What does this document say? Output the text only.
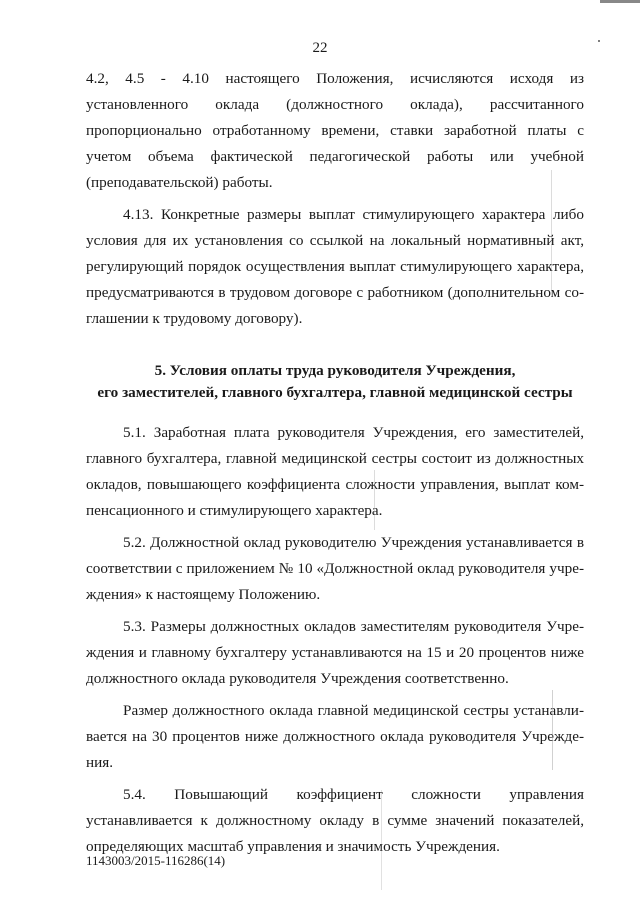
22

4.2, 4.5 - 4.10 настоящего Положения, исчисляются исходя из установленного оклада (должностного оклада), рассчитанного пропорционально отработанному времени, ставки заработной платы с учетом объема фактической педагогической работы или учебной (преподавательской) работы.

4.13. Конкретные размеры выплат стимулирующего характера либо условия для их установления со ссылкой на локальный нормативный акт, регулирующий порядок осуществления выплат стимулирующего характера, предусматриваются в трудовом договоре с работником (дополнительном соглашении к трудовому договору).

5. Условия оплаты труда руководителя Учреждения,
его заместителей, главного бухгалтера, главной медицинской сестры

5.1. Заработная плата руководителя Учреждения, его заместителей, главного бухгалтера, главной медицинской сестры состоит из должностных окладов, повышающего коэффициента сложности управления, выплат компенсационного и стимулирующего характера.

5.2. Должностной оклад руководителю Учреждения устанавливается в соответствии с приложением № 10 «Должностной оклад руководителя учреждения» к настоящему Положению.

5.3. Размеры должностных окладов заместителям руководителя Учреждения и главному бухгалтеру устанавливаются на 15 и 20 процентов ниже должностного оклада руководителя Учреждения соответственно.

Размер должностного оклада главной медицинской сестры устанавливается на 30 процентов ниже должностного оклада руководителя Учреждения.

5.4. Повышающий коэффициент сложности управления устанавливается к должностному окладу в сумме значений показателей, определяющих масштаб управления и значимость Учреждения.

1143003/2015-116286(14)
